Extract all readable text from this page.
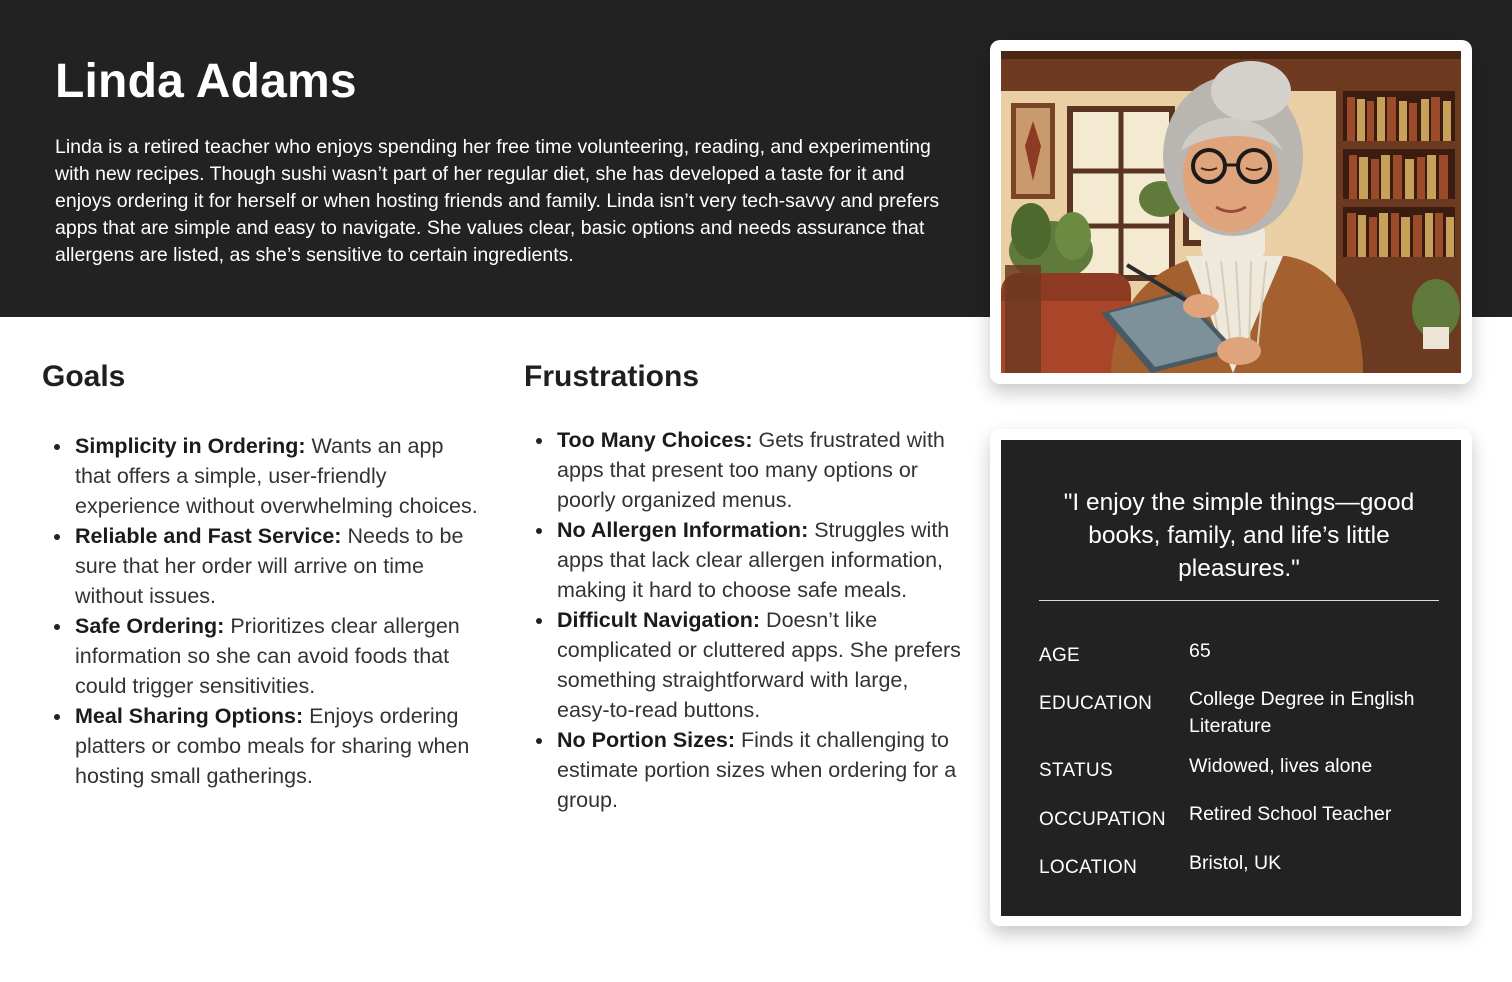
Linda Adams

Linda is a retired teacher who enjoys spending her free time volunteering, reading, and experimenting with new recipes. Though sushi wasn’t part of her regular diet, she has developed a taste for it and enjoys ordering it for herself or when hosting friends and family. Linda isn’t very tech-savvy and prefers apps that are simple and easy to navigate. She values clear, basic options and needs assurance that allergens are listed, as she’s sensitive to certain ingredients.

Goals
Simplicity in Ordering: Wants an app that offers a simple, user-friendly experience without overwhelming choices.
Reliable and Fast Service: Needs to be sure that her order will arrive on time without issues.
Safe Ordering: Prioritizes clear allergen information so she can avoid foods that could trigger sensitivities.
Meal Sharing Options: Enjoys ordering platters or combo meals for sharing when hosting small gatherings.
Frustrations
Too Many Choices: Gets frustrated with apps that present too many options or poorly organized menus.
No Allergen Information: Struggles with apps that lack clear allergen information, making it hard to choose safe meals.
Difficult Navigation: Doesn’t like complicated or cluttered apps. She prefers something straightforward with large, easy-to-read buttons.
No Portion Sizes: Finds it challenging to estimate portion sizes when ordering for a group.

"I enjoy the simple things—good books, family, and life’s little pleasures."

AGE	65
EDUCATION College Degree in English Literature
STATUS	Widowed, lives alone
OCCUPATION Retired School Teacher
LOCATION	Bristol, UK
